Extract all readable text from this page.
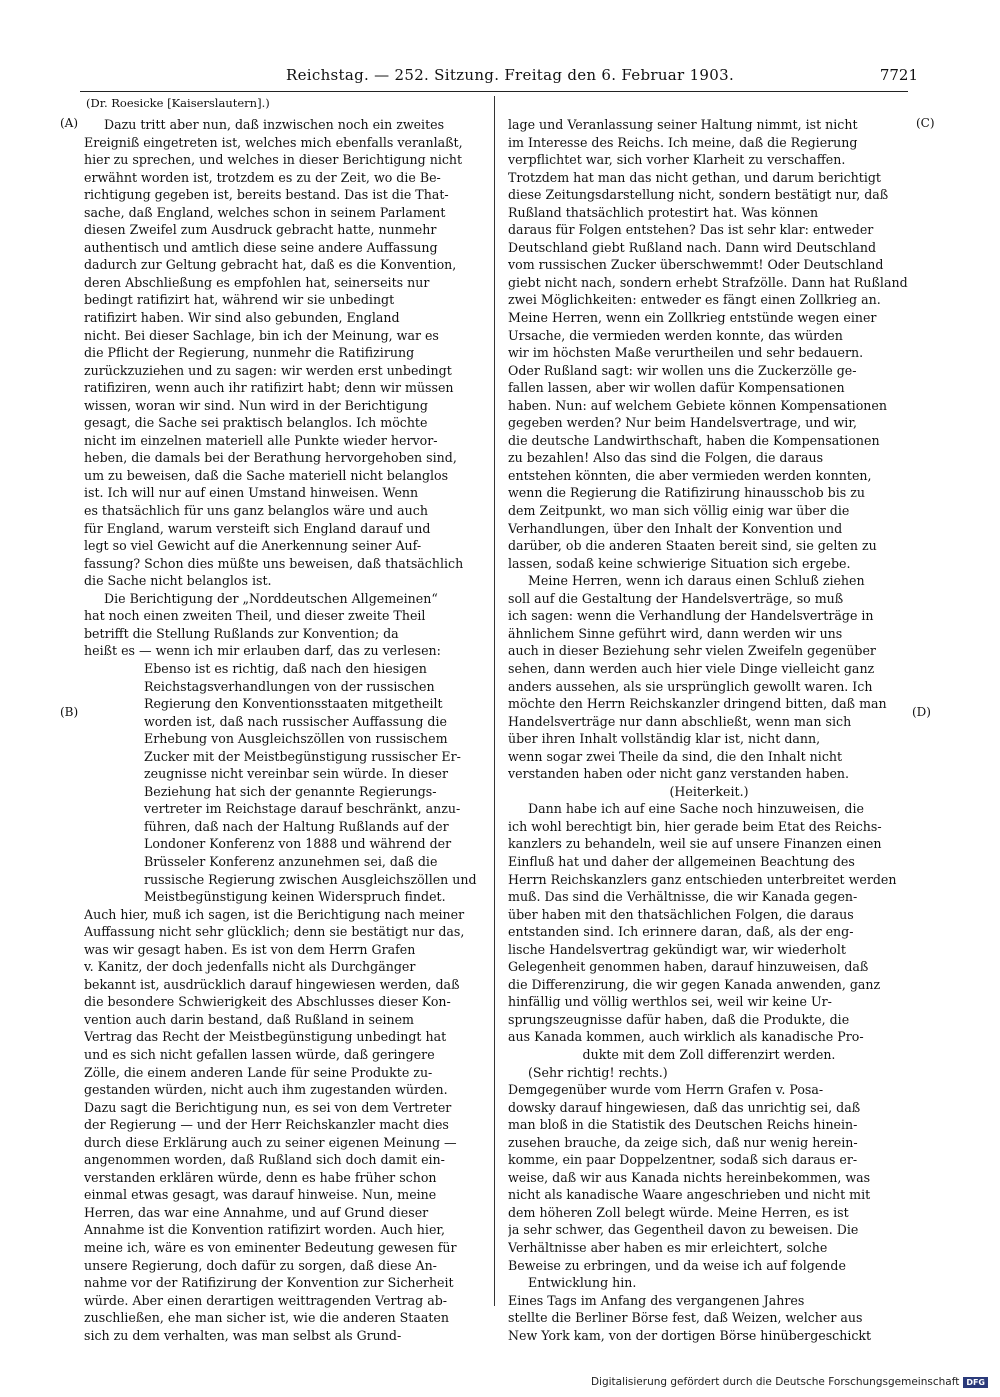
Reichstag. — 252. Sitzung. Freitag den 6. Februar 1903.	7721
(Dr. Roesicke [Kaiserslautern].)
(A)
(B)
(C)
(D)
Dazu tritt aber nun, daß inzwischen noch ein zweites
Ereigniß eingetreten ist, welches mich ebenfalls veranlaßt,
hier zu sprechen, und welches in dieser Berichtigung nicht
erwähnt worden ist, trotzdem es zu der Zeit, wo die Be-
richtigung gegeben ist, bereits bestand. Das ist die That-
sache, daß England, welches schon in seinem Parlament
diesen Zweifel zum Ausdruck gebracht hatte, nunmehr
authentisch und amtlich diese seine andere Auffassung
dadurch zur Geltung gebracht hat, daß es die Konvention,
deren Abschließung es empfohlen hat, seinerseits nur
bedingt ratifizirt hat, während wir sie unbedingt
ratifizirt haben. Wir sind also gebunden, England
nicht. Bei dieser Sachlage, bin ich der Meinung, war es
die Pflicht der Regierung, nunmehr die Ratifizirung
zurückzuziehen und zu sagen: wir werden erst unbedingt
ratifiziren, wenn auch ihr ratifizirt habt; denn wir müssen
wissen, woran wir sind. Nun wird in der Berichtigung
gesagt, die Sache sei praktisch belanglos. Ich möchte
nicht im einzelnen materiell alle Punkte wieder hervor-
heben, die damals bei der Berathung hervorgehoben sind,
um zu beweisen, daß die Sache materiell nicht belanglos
ist. Ich will nur auf einen Umstand hinweisen. Wenn
es thatsächlich für uns ganz belanglos wäre und auch
für England, warum versteift sich England darauf und
legt so viel Gewicht auf die Anerkennung seiner Auf-
fassung? Schon dies müßte uns beweisen, daß thatsächlich
die Sache nicht belanglos ist.
Die Berichtigung der „Norddeutschen Allgemeinen“
hat noch einen zweiten Theil, und dieser zweite Theil
betrifft die Stellung Rußlands zur Konvention; da
heißt es — wenn ich mir erlauben darf, das zu verlesen:
Ebenso ist es richtig, daß nach den hiesigen
Reichstagsverhandlungen von der russischen
Regierung den Konventionsstaaten mitgetheilt
worden ist, daß nach russischer Auffassung die
Erhebung von Ausgleichszöllen von russischem
Zucker mit der Meistbegünstigung russischer Er-
zeugnisse nicht vereinbar sein würde. In dieser
Beziehung hat sich der genannte Regierungs-
vertreter im Reichstage darauf beschränkt, anzu-
führen, daß nach der Haltung Rußlands auf der
Londoner Konferenz von 1888 und während der
Brüsseler Konferenz anzunehmen sei, daß die
russische Regierung zwischen Ausgleichszöllen und
Meistbegünstigung keinen Widerspruch findet.
Auch hier, muß ich sagen, ist die Berichtigung nach meiner
Auffassung nicht sehr glücklich; denn sie bestätigt nur das,
was wir gesagt haben. Es ist von dem Herrn Grafen
v. Kanitz, der doch jedenfalls nicht als Durchgänger
bekannt ist, ausdrücklich darauf hingewiesen werden, daß
die besondere Schwierigkeit des Abschlusses dieser Kon-
vention auch darin bestand, daß Rußland in seinem
Vertrag das Recht der Meistbegünstigung unbedingt hat
und es sich nicht gefallen lassen würde, daß geringere
Zölle, die einem anderen Lande für seine Produkte zu-
gestanden würden, nicht auch ihm zugestanden würden.
Dazu sagt die Berichtigung nun, es sei von dem Vertreter
der Regierung — und der Herr Reichskanzler macht dies
durch diese Erklärung auch zu seiner eigenen Meinung —
angenommen worden, daß Rußland sich doch damit ein-
verstanden erklären würde, denn es habe früher schon
einmal etwas gesagt, was darauf hinweise. Nun, meine
Herren, das war eine Annahme, und auf Grund dieser
Annahme ist die Konvention ratifizirt worden. Auch hier,
meine ich, wäre es von eminenter Bedeutung gewesen für
unsere Regierung, doch dafür zu sorgen, daß diese An-
nahme vor der Ratifizirung der Konvention zur Sicherheit
würde. Aber einen derartigen weittragenden Vertrag ab-
zuschließen, ehe man sicher ist, wie die anderen Staaten
sich zu dem verhalten, was man selbst als Grund-
lage und Veranlassung seiner Haltung nimmt, ist nicht
im Interesse des Reichs. Ich meine, daß die Regierung
verpflichtet war, sich vorher Klarheit zu verschaffen.
Trotzdem hat man das nicht gethan, und darum berichtigt
diese Zeitungsdarstellung nicht, sondern bestätigt nur, daß
Rußland thatsächlich protestirt hat. Was können
daraus für Folgen entstehen? Das ist sehr klar: entweder
Deutschland giebt Rußland nach. Dann wird Deutschland
vom russischen Zucker überschwemmt! Oder Deutschland
giebt nicht nach, sondern erhebt Strafzölle. Dann hat Rußland
zwei Möglichkeiten: entweder es fängt einen Zollkrieg an.
Meine Herren, wenn ein Zollkrieg entstünde wegen einer
Ursache, die vermieden werden konnte, das würden
wir im höchsten Maße verurtheilen und sehr bedauern.
Oder Rußland sagt: wir wollen uns die Zuckerzölle ge-
fallen lassen, aber wir wollen dafür Kompensationen
haben. Nun: auf welchem Gebiete können Kompensationen
gegeben werden? Nur beim Handelsvertrage, und wir,
die deutsche Landwirthschaft, haben die Kompensationen
zu bezahlen! Also das sind die Folgen, die daraus
entstehen könnten, die aber vermieden werden konnten,
wenn die Regierung die Ratifizirung hinausschob bis zu
dem Zeitpunkt, wo man sich völlig einig war über die
Verhandlungen, über den Inhalt der Konvention und
darüber, ob die anderen Staaten bereit sind, sie gelten zu
lassen, sodaß keine schwierige Situation sich ergebe.
Meine Herren, wenn ich daraus einen Schluß ziehen
soll auf die Gestaltung der Handelsverträge, so muß
ich sagen: wenn die Verhandlung der Handelsverträge in
ähnlichem Sinne geführt wird, dann werden wir uns
auch in dieser Beziehung sehr vielen Zweifeln gegenüber
sehen, dann werden auch hier viele Dinge vielleicht ganz
anders aussehen, als sie ursprünglich gewollt waren. Ich
möchte den Herrn Reichskanzler dringend bitten, daß man
Handelsverträge nur dann abschließt, wenn man sich
über ihren Inhalt vollständig klar ist, nicht dann,
wenn sogar zwei Theile da sind, die den Inhalt nicht
verstanden haben oder nicht ganz verstanden haben.
(Heiterkeit.)
Dann habe ich auf eine Sache noch hinzuweisen, die
ich wohl berechtigt bin, hier gerade beim Etat des Reichs-
kanzlers zu behandeln, weil sie auf unsere Finanzen einen
Einfluß hat und daher der allgemeinen Beachtung des
Herrn Reichskanzlers ganz entschieden unterbreitet werden
muß. Das sind die Verhältnisse, die wir Kanada gegen-
über haben mit den thatsächlichen Folgen, die daraus
entstanden sind. Ich erinnere daran, daß, als der eng-
lische Handelsvertrag gekündigt war, wir wiederholt
Gelegenheit genommen haben, darauf hinzuweisen, daß
die Differenzirung, die wir gegen Kanada anwenden, ganz
hinfällig und völlig werthlos sei, weil wir keine Ur-
sprungszeugnisse dafür haben, daß die Produkte, die
aus Kanada kommen, auch wirklich als kanadische Pro-
dukte mit dem Zoll differenzirt werden.
(Sehr richtig! rechts.)
Demgegenüber wurde vom Herrn Grafen v. Posa-
dowsky darauf hingewiesen, daß das unrichtig sei, daß
man bloß in die Statistik des Deutschen Reichs hinein-
zusehen brauche, da zeige sich, daß nur wenig herein-
komme, ein paar Doppelzentner, sodaß sich daraus er-
weise, daß wir aus Kanada nichts hereinbekommen, was
nicht als kanadische Waare angeschrieben und nicht mit
dem höheren Zoll belegt würde. Meine Herren, es ist
ja sehr schwer, das Gegentheil davon zu beweisen. Die
Verhältnisse aber haben es mir erleichtert, solche
Beweise zu erbringen, und da weise ich auf folgende
Entwicklung hin.
Eines Tags im Anfang des vergangenen Jahres
stellte die Berliner Börse fest, daß Weizen, welcher aus
New York kam, von der dortigen Börse hinübergeschickt
Digitalisierung gefördert durch die Deutsche Forschungsgemeinschaft DFG
